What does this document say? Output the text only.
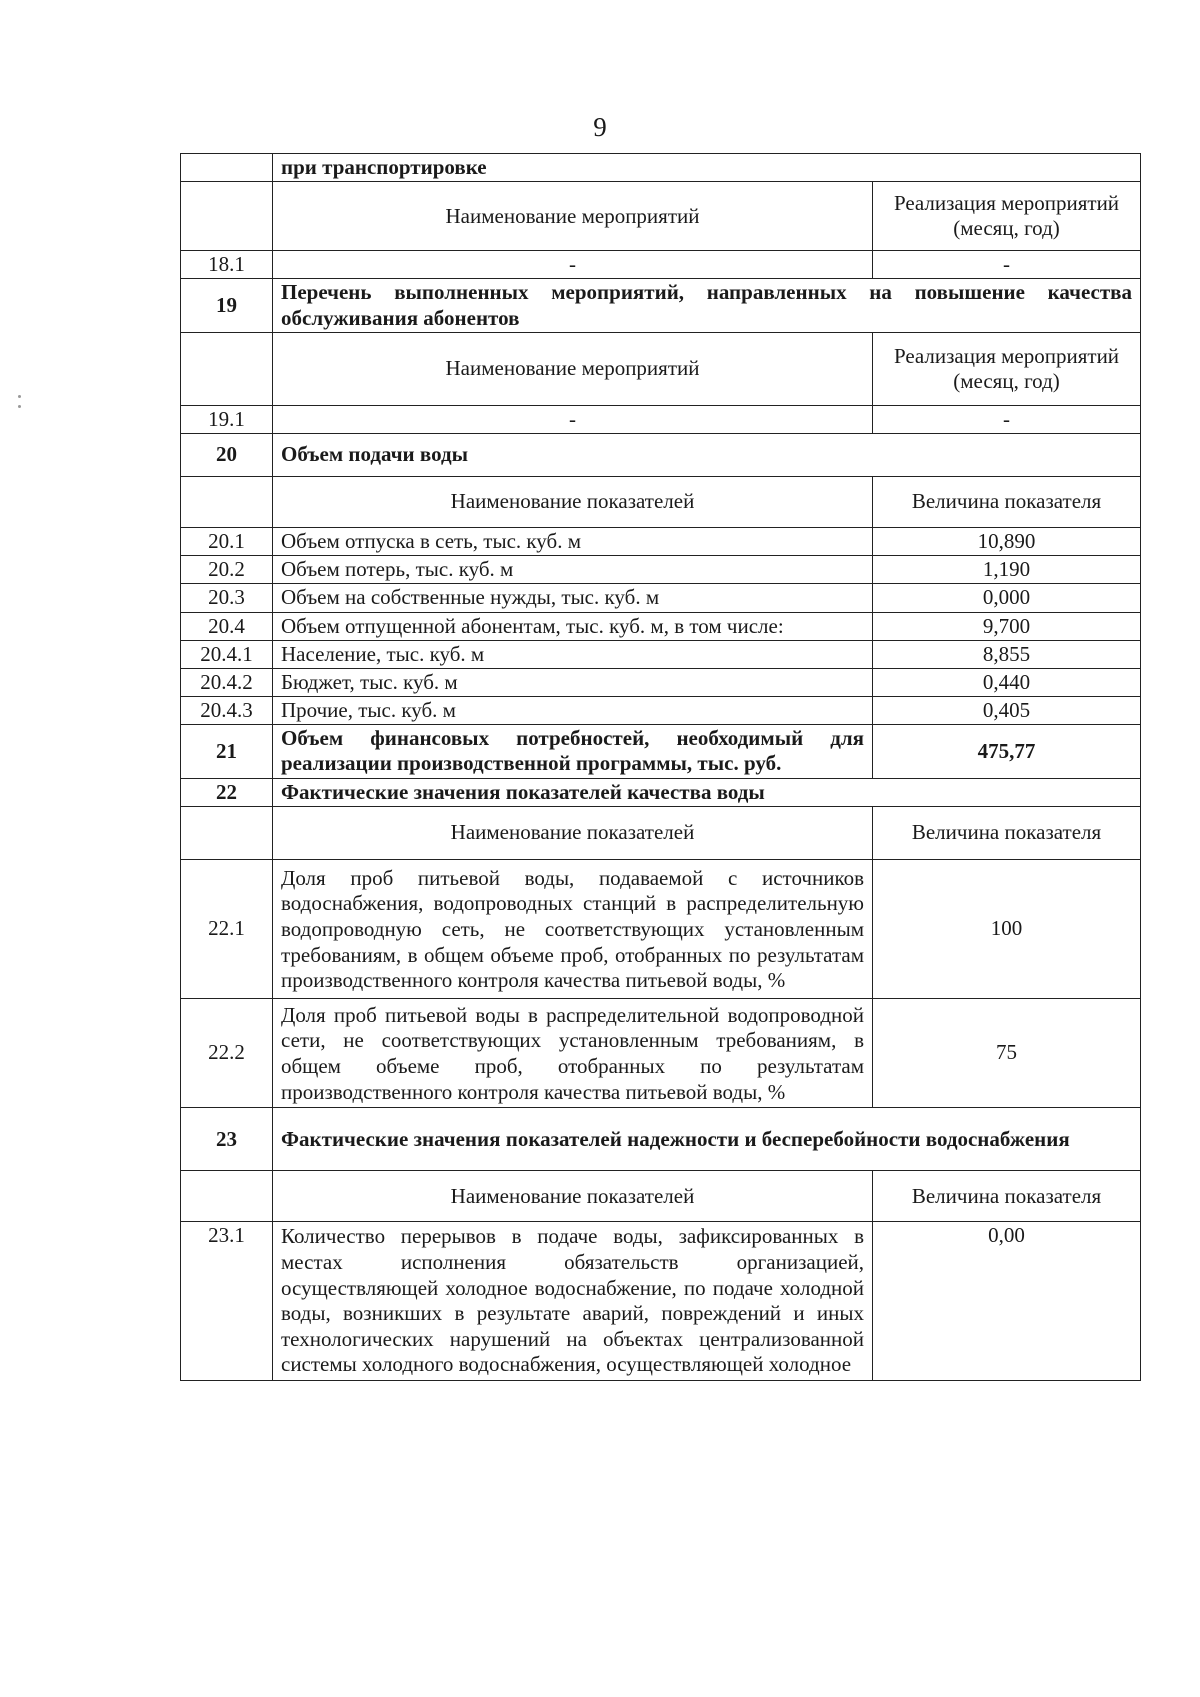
9
	при транспортировке	
	Наименование мероприятий	Реализация мероприятий (месяц, год)
18.1	-	-
19	Перечень выполненных мероприятий, направленных на повышение качества обслуживания абонентов	
	Наименование мероприятий	Реализация мероприятий (месяц, год)
19.1	-	-
20	Объем подачи воды	
	Наименование показателей	Величина показателя
20.1	Объем отпуска в сеть, тыс. куб. м	10,890
20.2	Объем потерь, тыс. куб. м	1,190
20.3	Объем на собственные нужды, тыс. куб. м	0,000
20.4	Объем отпущенной абонентам, тыс. куб. м, в том числе:	9,700
20.4.1	Население, тыс. куб. м	8,855
20.4.2	Бюджет, тыс. куб. м	0,440
20.4.3	Прочие, тыс. куб. м	0,405
21	Объем финансовых потребностей, необходимый для реализации производственной программы, тыс. руб.	475,77
22	Фактические значения показателей качества воды	
	Наименование показателей	Величина показателя
22.1	Доля проб питьевой воды, подаваемой с источников водоснабжения, водопроводных станций в распределительную водопроводную сеть, не соответствующих установленным требованиям, в общем объеме проб, отобранных по результатам производственного контроля качества питьевой воды, %	100
22.2	Доля проб питьевой воды в распределительной водопроводной сети, не соответствующих установленным требованиям, в общем объеме проб, отобранных по результатам производственного контроля качества питьевой воды, %	75
23	Фактические значения показателей надежности и бесперебойности водоснабжения	
	Наименование показателей	Величина показателя
23.1	Количество перерывов в подаче воды, зафиксированных в местах исполнения обязательств организацией, осуществляющей холодное водоснабжение, по подаче холодной воды, возникших в результате аварий, повреждений и иных технологических нарушений на объектах централизованной системы холодного водоснабжения, осуществляющей холодное	0,00
